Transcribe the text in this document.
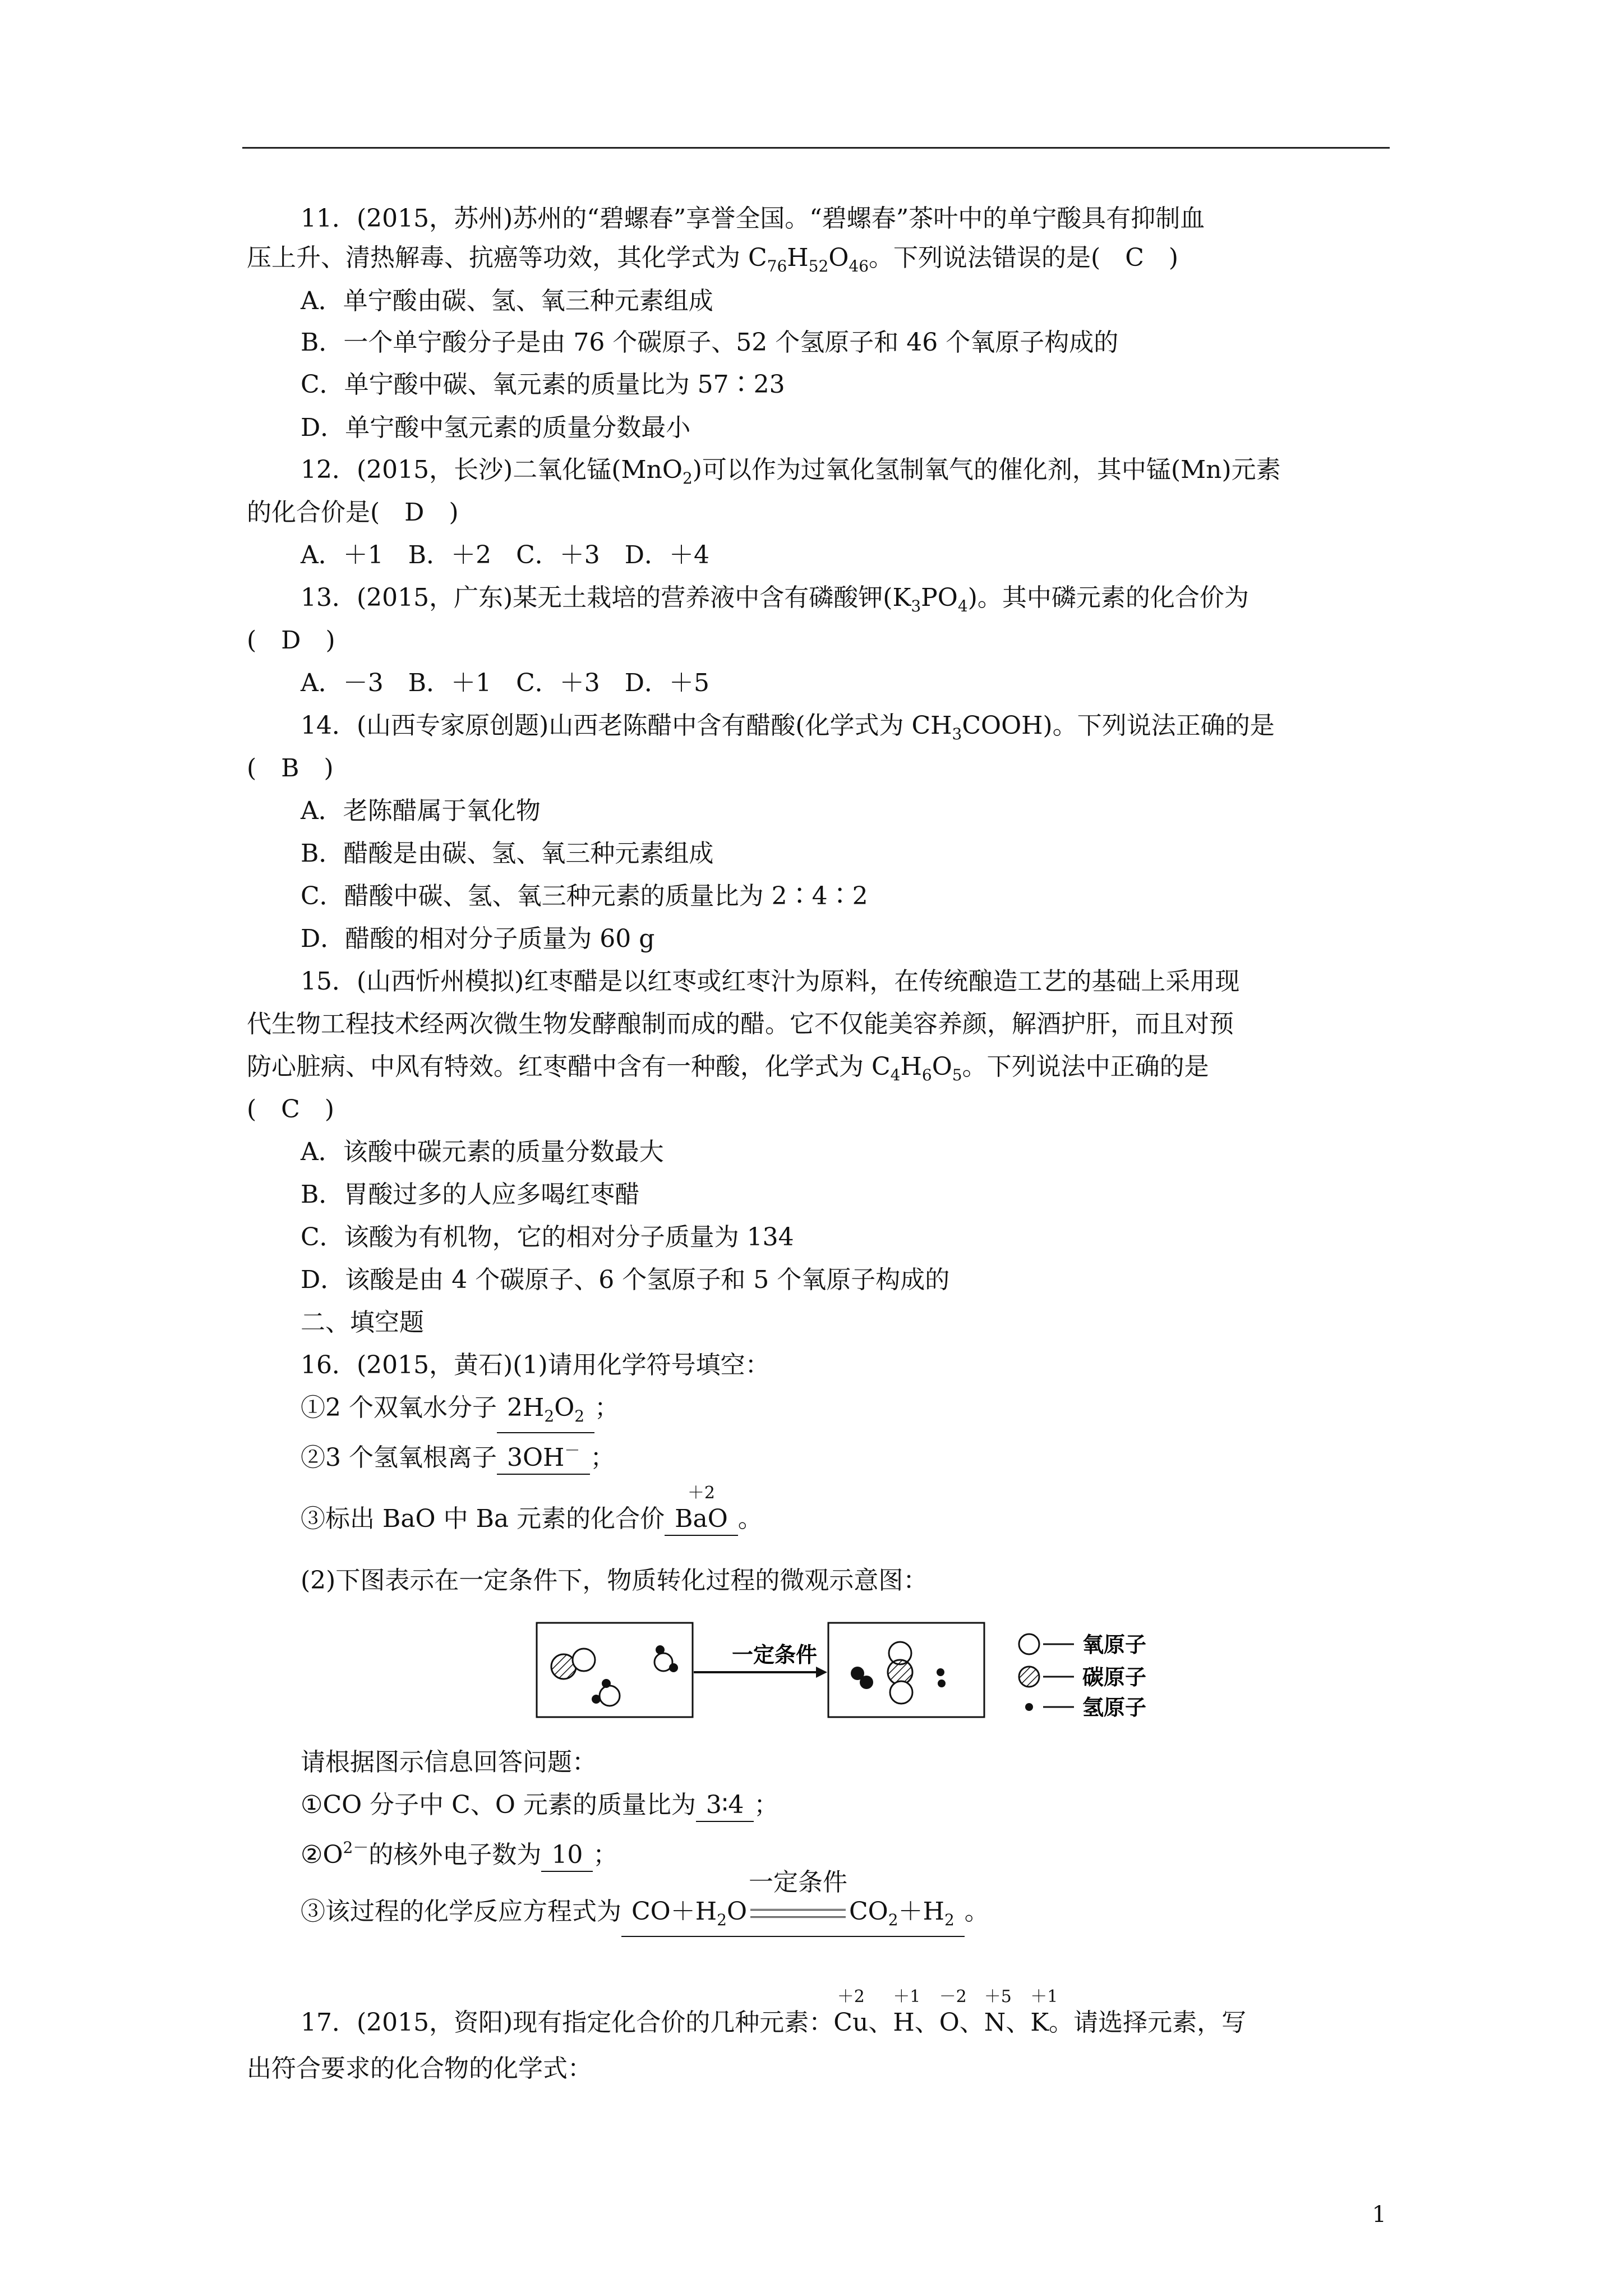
11．(2015，苏州)苏州的“碧螺春”享誉全国。“碧螺春”茶叶中的单宁酸具有抑制血
压上升、清热解毒、抗癌等功效，其化学式为 $C_{76}H_{52}O_{46}$。下列说法错误的是(　C　)
A．单宁酸由碳、氢、氧三种元素组成
B．一个单宁酸分子是由 76 个碳原子、52 个氢原子和 46 个氧原子构成的
C．单宁酸中碳、氧元素的质量比为 57∶23
D．单宁酸中氢元素的质量分数最小
12．(2015，长沙)二氧化锰(MnO$_2$)可以作为过氧化氢制氧气的催化剂，其中锰(Mn)元素
的化合价是(　D　)
A．＋1　B．＋2　C．＋3　D．＋4
13．(2015，广东)某无土栽培的营养液中含有磷酸钾$(K_3PO_4)$。其中磷元素的化合价为
(　D　)
A．－3　B．＋1　C．＋3　D．＋5
14．(山西专家原创题)山西老陈醋中含有醋酸(化学式为 $CH_3COOH$)。下列说法正确的是
(　B　)
A．老陈醋属于氧化物
B．醋酸是由碳、氢、氧三种元素组成
C．醋酸中碳、氢、氧三种元素的质量比为 2∶4∶2
D．醋酸的相对分子质量为 60 g
15．(山西忻州模拟)红枣醋是以红枣或红枣汁为原料，在传统酿造工艺的基础上采用现
代生物工程技术经两次微生物发酵酿制而成的醋。它不仅能美容养颜，解酒护肝，而且对预
防心脏病、中风有特效。红枣醋中含有一种酸，化学式为 $C_4H_6O_5$。下列说法中正确的是
(　C　)
A．该酸中碳元素的质量分数最大
B．胃酸过多的人应多喝红枣醋
C．该酸为有机物，它的相对分子质量为 134
D．该酸是由 4 个碳原子、6 个氢原子和 5 个氧原子构成的
二、填空题
16．(2015，黄石)(1)请用化学符号填空：
①2 个双氧水分子 $2H_2O_2$ ；
②3 个氢氧根离子 3OH－ ；
③标出 BaO 中 Ba 元素的化合价
＋2
BaO 。
(2)下图表示在一定条件下，物质转化过程的微观示意图：
一定条件	氧原子
碳原子
氢原子
请根据图示信息回答问题：
①CO 分子中 C、O 元素的质量比为 3∶4 ；
$②O^{2-}$的核外电子数为 10 ；
③该过程的化学反应方程式为 $CO+H_2O$
一定条件
$CO_2+H_2$ 。
17．(2015，资阳)现有指定化合价的几种元素：
＋2
Cu、
＋1
H、
－2
O、
＋5
N、
＋1
K。请选择元素，写
出符合要求的化合物的化学式：
1
